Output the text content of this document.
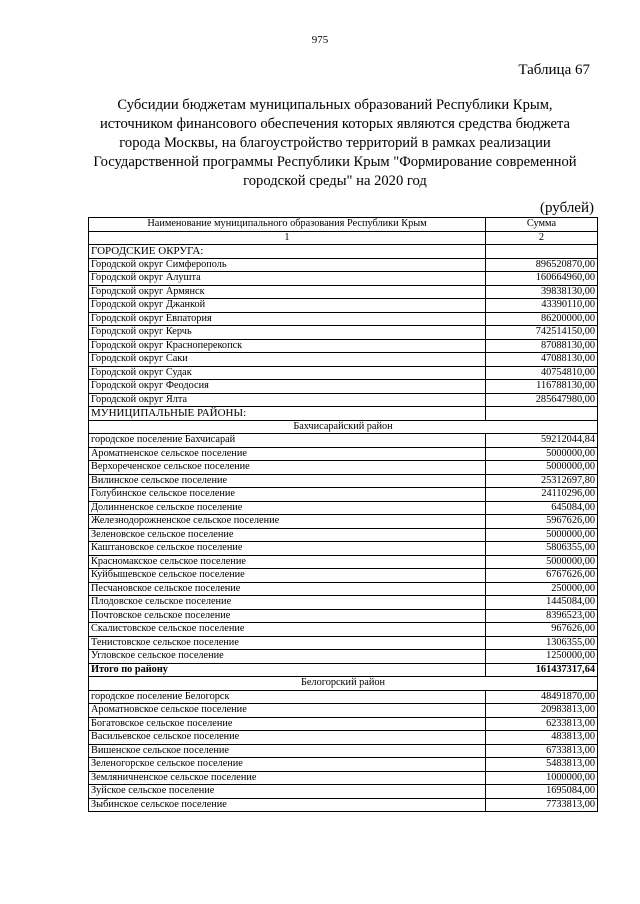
975
Таблица 67
Субсидии бюджетам муниципальных образований Республики Крым,
источником финансового обеспечения которых являются средства бюджета
города Москвы, на благоустройство территорий в рамках реализации
Государственной программы Республики Крым "Формирование современной
городской среды" на 2020 год
(рублей)
Наименование муниципального образования Республики Крым	Сумма
1	2
ГОРОДСКИЕ ОКРУГА:	
Городской округ Симферополь	896520870,00
Городской округ Алушта	160664960,00
Городской округ Армянск	39838130,00
Городской округ Джанкой	43390110,00
Городской округ Евпатория	86200000,00
Городской округ Керчь	742514150,00
Городской округ Красноперекопск	87088130,00
Городской округ Саки	47088130,00
Городской округ Судак	40754810,00
Городской округ Феодосия	116788130,00
Городской округ Ялта	285647980,00
МУНИЦИПАЛЬНЫЕ РАЙОНЫ:	
Бахчисарайский район	
городское поселение Бахчисарай	59212044,84
Ароматненское сельское поселение	5000000,00
Верхореченское сельское поселение	5000000,00
Вилинское сельское поселение	25312697,80
Голубинское сельское поселение	24110296,00
Долинненское сельское поселение	645084,00
Железнодорожненское сельское поселение	5967626,00
Зеленовское сельское поселение	5000000,00
Каштановское сельское поселение	5806355,00
Красномакское сельское поселение	5000000,00
Куйбышевское сельское поселение	6767626,00
Песчановское сельское поселение	250000,00
Плодовское сельское поселение	1445084,00
Почтовское сельское поселение	8396523,00
Скалистовское сельское поселение	967626,00
Тенистовское сельское поселение	1306355,00
Угловское сельское поселение	1250000,00
Итого по району	161437317,64
Белогорский район	
городское поселение Белогорск	48491870,00
Ароматновское сельское поселение	20983813,00
Богатовское сельское поселение	6233813,00
Васильевское сельское поселение	483813,00
Вишенское сельское поселение	6733813,00
Зеленогорское сельское поселение	5483813,00
Земляничненское сельское поселение	1000000,00
Зуйское сельское поселение	1695084,00
Зыбинское сельское поселение	7733813,00
